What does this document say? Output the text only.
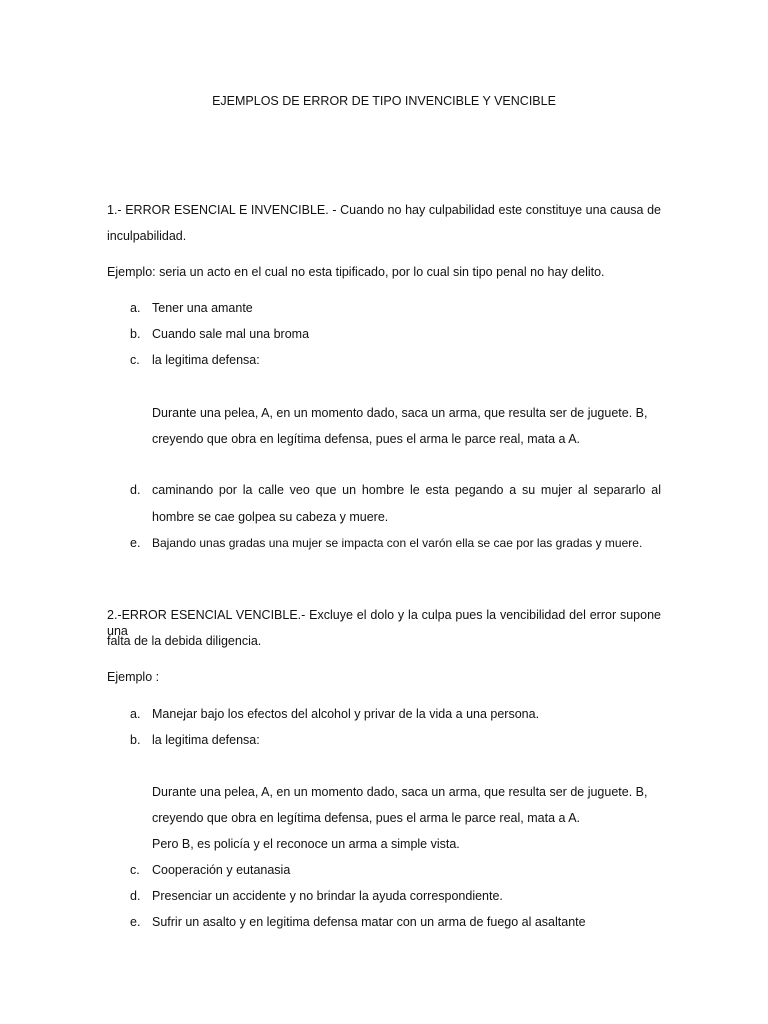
EJEMPLOS DE ERROR DE TIPO INVENCIBLE Y VENCIBLE
1.- ERROR ESENCIAL E INVENCIBLE. - Cuando no hay culpabilidad este constituye una causa de
inculpabilidad.
Ejemplo: seria un acto en el cual no esta tipificado, por lo cual sin tipo penal no hay delito.
a. Tener una amante
b. Cuando sale mal una broma
c. la legitima defensa:
Durante una pelea, A, en un momento dado, saca un arma, que resulta ser de juguete. B,
creyendo que obra en legítima defensa, pues el arma le parce real, mata a A.
d. caminando por la calle veo que un hombre le esta pegando a su mujer al separarlo al
hombre se cae golpea su cabeza y muere.
e. Bajando unas gradas una mujer se impacta con el varón ella se cae por las gradas y muere.
2.-ERROR ESENCIAL VENCIBLE.- Excluye el dolo y la culpa pues la vencibilidad del error supone una
falta de la debida diligencia.
Ejemplo :
a. Manejar bajo los efectos del alcohol y privar de la vida a una persona.
b. la legitima defensa:
Durante una pelea, A, en un momento dado, saca un arma, que resulta ser de juguete. B,
creyendo que obra en legítima defensa, pues el arma le parce real, mata a A.
Pero B, es policía y el reconoce un arma a simple vista.
c. Cooperación y eutanasia
d. Presenciar un accidente y no brindar la ayuda correspondiente.
e. Sufrir un asalto y en legitima defensa matar con un arma de fuego al asaltante
